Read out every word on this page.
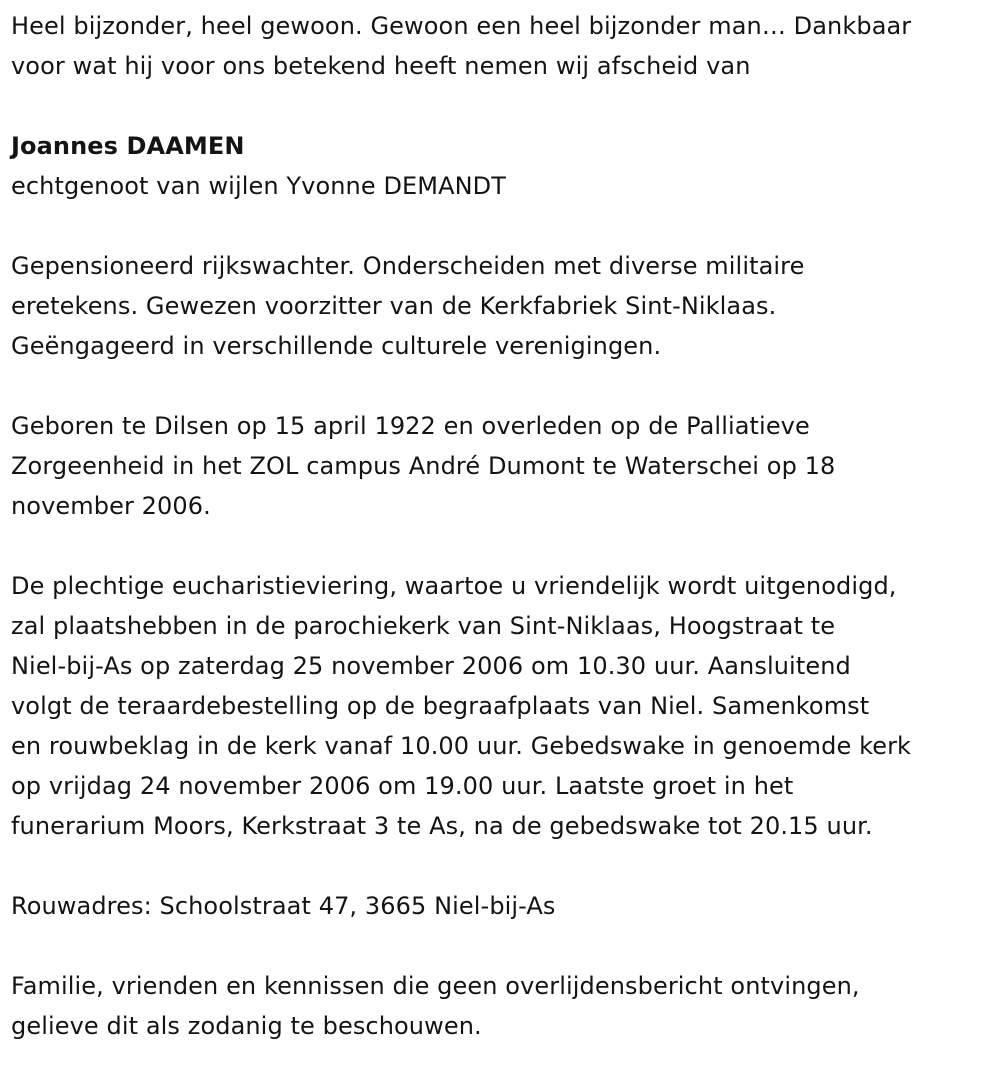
Heel bijzonder, heel gewoon. Gewoon een heel bijzonder man… Dankbaar
voor wat hij voor ons betekend heeft nemen wij afscheid van

Joannes DAAMEN

echtgenoot van wijlen Yvonne DEMANDT

Gepensioneerd rijkswachter. Onderscheiden met diverse militaire
eretekens. Gewezen voorzitter van de Kerkfabriek Sint-Niklaas.
Geëngageerd in verschillende culturele verenigingen.

Geboren te Dilsen op 15 april 1922 en overleden op de Palliatieve
Zorgeenheid in het ZOL campus André Dumont te Waterschei op 18
november 2006.

De plechtige eucharistieviering, waartoe u vriendelijk wordt uitgenodigd,
zal plaatshebben in de parochiekerk van Sint-Niklaas, Hoogstraat te
Niel-bij-As op zaterdag 25 november 2006 om 10.30 uur. Aansluitend
volgt de teraardebestelling op de begraafplaats van Niel. Samenkomst
en rouwbeklag in de kerk vanaf 10.00 uur. Gebedswake in genoemde kerk
op vrijdag 24 november 2006 om 19.00 uur. Laatste groet in het
funerarium Moors, Kerkstraat 3 te As, na de gebedswake tot 20.15 uur.

Rouwadres: Schoolstraat 47, 3665 Niel-bij-As

Familie, vrienden en kennissen die geen overlijdensbericht ontvingen,
gelieve dit als zodanig te beschouwen.
